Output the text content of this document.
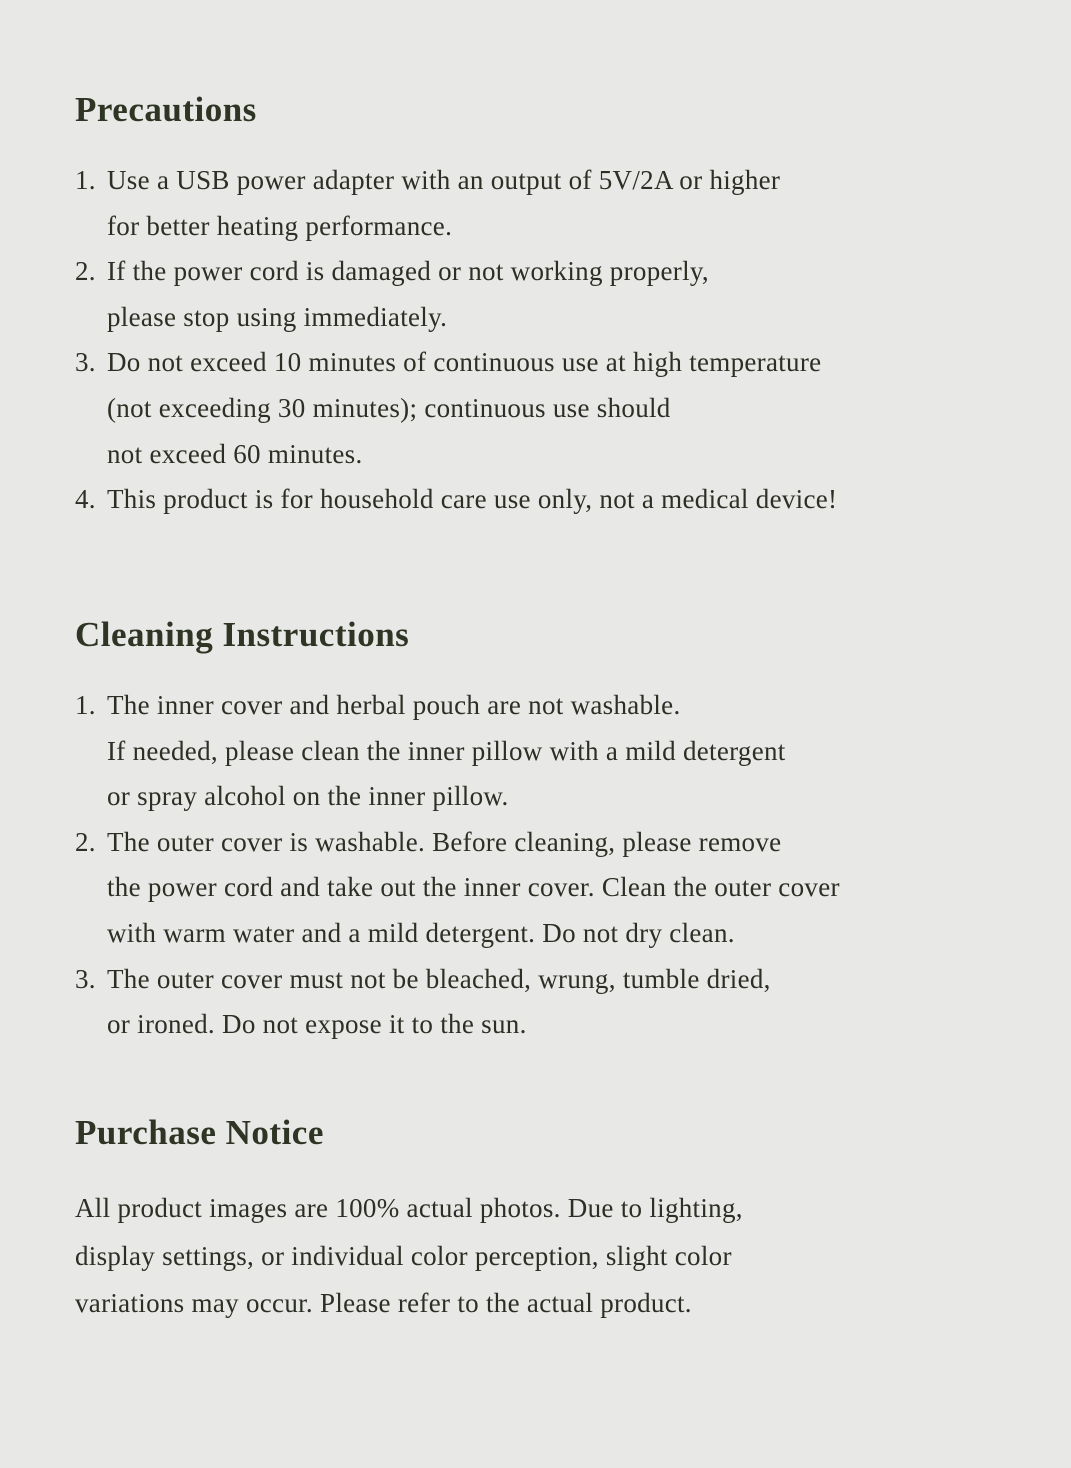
Precautions
1. Use a USB power adapter with an output of 5V/2A or higher
for better heating performance.
2. If the power cord is damaged or not working properly,
please stop using immediately.
3. Do not exceed 10 minutes of continuous use at high temperature
(not exceeding 30 minutes); continuous use should
not exceed 60 minutes.
4. This product is for household care use only, not a medical device!
Cleaning Instructions
1. The inner cover and herbal pouch are not washable.
If needed, please clean the inner pillow with a mild detergent
or spray alcohol on the inner pillow.
2. The outer cover is washable. Before cleaning, please remove
the power cord and take out the inner cover. Clean the outer cover
with warm water and a mild detergent. Do not dry clean.
3. The outer cover must not be bleached, wrung, tumble dried,
or ironed. Do not expose it to the sun.
Purchase Notice
All product images are 100% actual photos. Due to lighting,
display settings, or individual color perception, slight color
variations may occur. Please refer to the actual product.
